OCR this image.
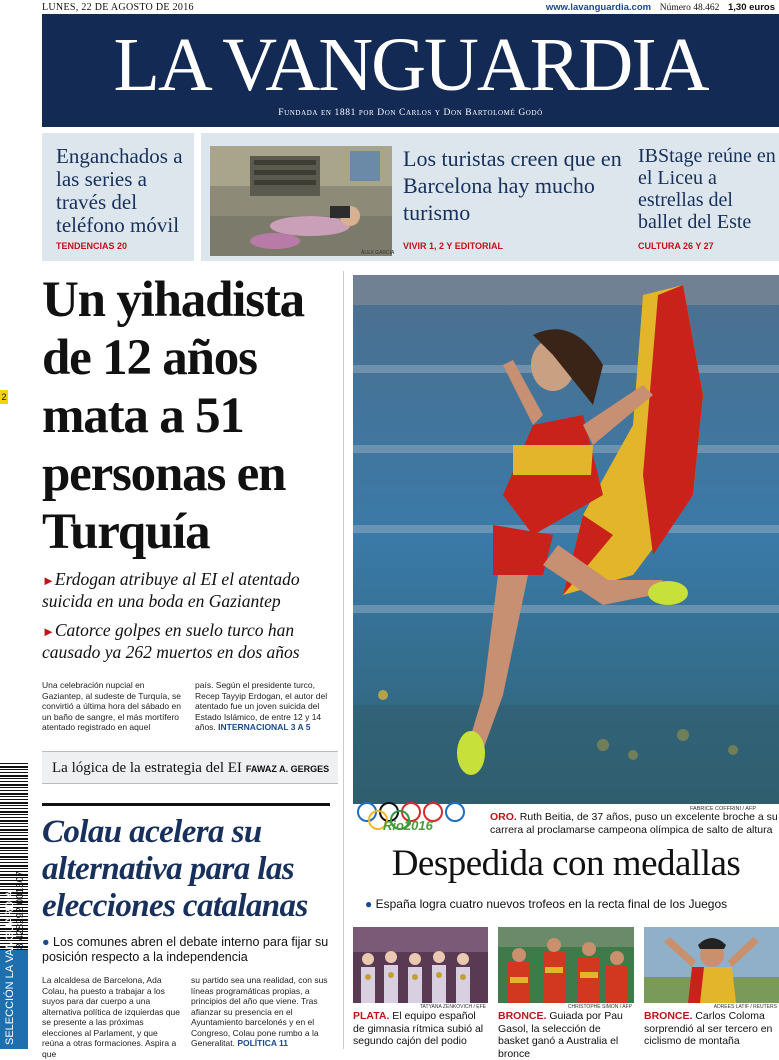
LUNES, 22 DE AGOSTO DE 2016	www.lavanguardia.com Número 48.462 1,30 euros
LA VANGUARDIA
Fundada en 1881 por Don Carlos y Don Bartolomé Godó
Enganchados a las series a través del teléfono móvil
TENDENCIAS 20
ÀLEX GARCIA
Los turistas creen que en Barcelona hay mucho turismo
VIVIR 1, 2 Y EDITORIAL
IBStage reúne en el Liceu a estrellas del ballet del Este
CULTURA 26 Y 27
Un yihadista de 12 años mata a 51 personas en Turquía
►Erdogan atribuye al EI el atentado suicida en una boda en Gaziantep
►Catorce golpes en suelo turco han causado ya 262 muertos en dos años

Una celebración nupcial en Gaziantep, al sudeste de Turquía, se convirtió a última hora del sábado en un baño de sangre, el más mortífero atentado registrado en aquel

país. Según el presidente turco, Recep Tayyip Erdogan, el autor del atentado fue un joven suicida del Estado Islámico, de entre 12 y 14 años. INTERNACIONAL 3 A 5

La lógica de la estrategia del EI FAWAZ A. GERGES
Colau acelera su alternativa para las elecciones catalanas
● Los comunes abren el debate interno para fijar su posición respecto a la independencia

La alcaldesa de Barcelona, Ada Colau, ha puesto a trabajar a los suyos para dar cuerpo a una alternativa política de izquierdas que se presente a las próximas elecciones al Parlament, y que reúna a otras formaciones. Aspira a que

su partido sea una realidad, con sus líneas programáticas propias, a principios del año que viene. Tras afianzar su presencia en el Ayuntamiento barcelonés y en el Congreso, Colau pone rumbo a la Generalitat. POLÍTICA 11

FABRICE COFFRINI / AFP
Rio2016
ORO. Ruth Beitia, de 37 años, puso un excelente broche a su carrera al proclamarse campeona olímpica de salto de altura
Despedida con medallas
● España logra cuatro nuevos trofeos en la recta final de los Juegos
TATYANA ZENKOVICH / EFE
PLATA. El equipo español de gimnasia rítmica subió al segundo cajón del podio
CHRISTOPHE SIMON / AFP
BRONCE. Guiada por Pau Gasol, la selección de basket ganó a Australia el bronce
ADREES LATIF / REUTERS
BRONCE. Carlos Coloma sorprendió al ser tercero en ciclismo de montaña
2
8 428292 001307
SELECCIÓN LA VANGUARDIA
